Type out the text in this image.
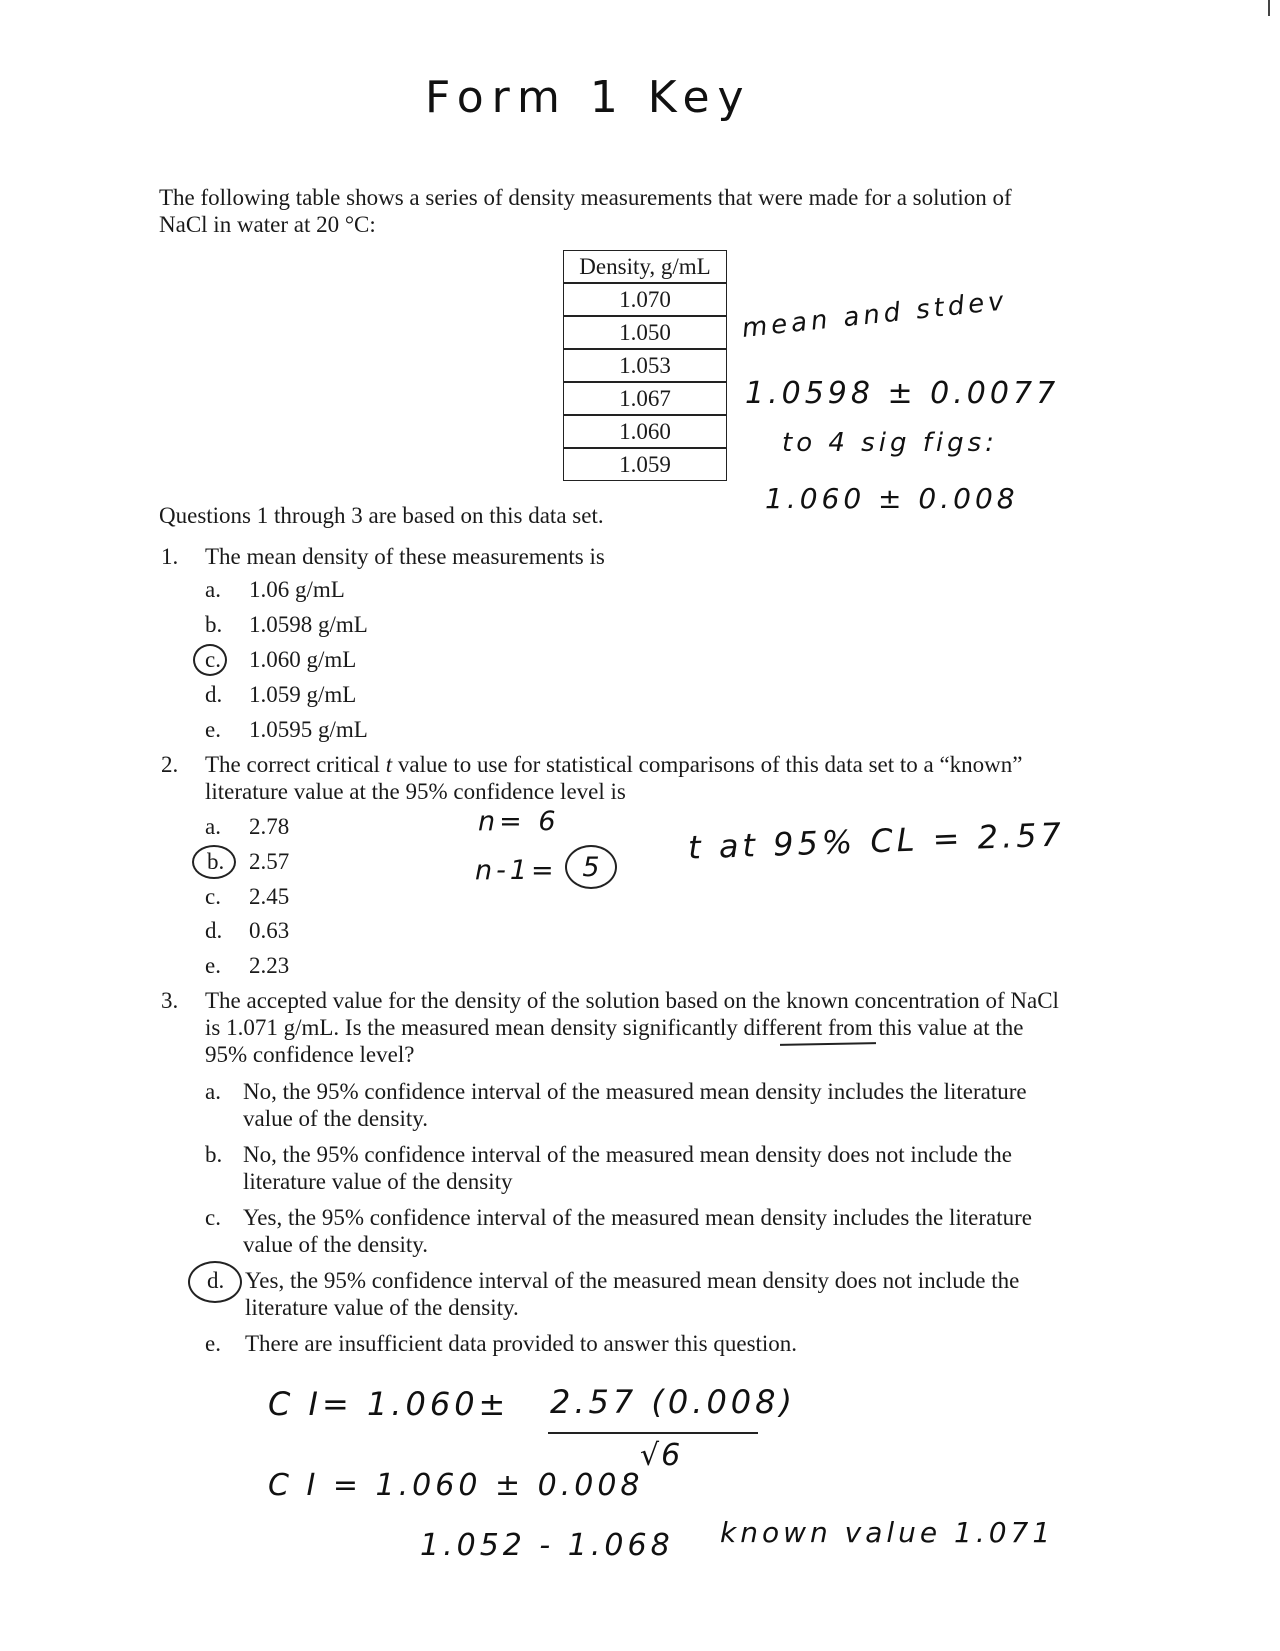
Form 1 Key
The following table shows a series of density measurements that were made for a solution of
NaCl in water at 20 °C:
Density, g/mL
1.070
1.050
1.053
1.067
1.060
1.059
mean and stdev
1.0598 ± 0.0077
to 4 sig figs:
1.060 ± 0.008
Questions 1 through 3 are based on this data set.
1. The mean density of these measurements is
a. 1.06 g/mL
b. 1.0598 g/mL
c. 1.060 g/mL
d. 1.059 g/mL
e. 1.0595 g/mL
2. The correct critical t value to use for statistical comparisons of this data set to a “known”
literature value at the 95% confidence level is
a. 2.78
b. 2.57
c. 2.45
d. 0.63
e. 2.23
n= 6
n-1= 5
t at 95% CL = 2.57
3. The accepted value for the density of the solution based on the known concentration of NaCl
is 1.071 g/mL. Is the measured mean density significantly different from this value at the
95% confidence level?
a. No, the 95% confidence interval of the measured mean density includes the literature
value of the density.
b. No, the 95% confidence interval of the measured mean density does not include the
literature value of the density
c. Yes, the 95% confidence interval of the measured mean density includes the literature
value of the density.
d. Yes, the 95% confidence interval of the measured mean density does not include the
literature value of the density.
e. There are insufficient data provided to answer this question.
C I= 1.060± 2.57 (0.008)
√6
C I = 1.060 ± 0.008
1.052 - 1.068 known value 1.071
